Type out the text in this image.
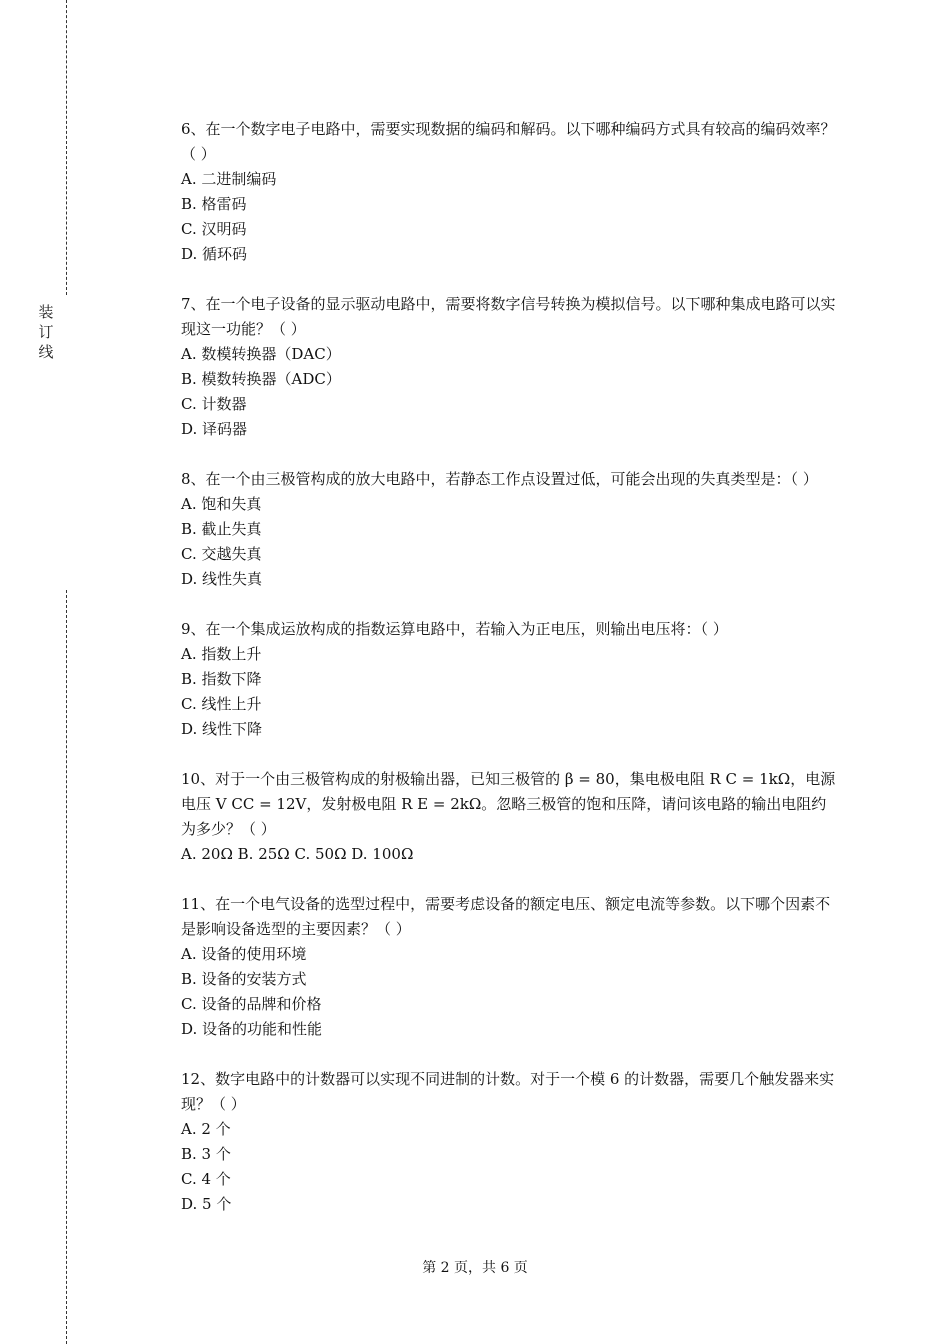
装
订
线

6、在一个数字电子电路中，需要实现数据的编码和解码。以下哪种编码方式具有较高的编码效率？（ ）

A. 二进制编码

B. 格雷码

C. 汉明码

D. 循环码

7、在一个电子设备的显示驱动电路中，需要将数字信号转换为模拟信号。以下哪种集成电路可以实现这一功能？（ ）

A. 数模转换器（DAC）

B. 模数转换器（ADC）

C. 计数器

D. 译码器

8、在一个由三极管构成的放大电路中，若静态工作点设置过低，可能会出现的失真类型是：（ ）

A. 饱和失真

B. 截止失真

C. 交越失真

D. 线性失真

9、在一个集成运放构成的指数运算电路中，若输入为正电压，则输出电压将：（ ）

A. 指数上升

B. 指数下降

C. 线性上升

D. 线性下降

10、对于一个由三极管构成的射极输出器，已知三极管的 β = 80，集电极电阻 R C = 1kΩ，电源电压 V CC = 12V，发射极电阻 R E = 2kΩ。忽略三极管的饱和压降，请问该电路的输出电阻约为多少？（ ）

A. 20Ω B. 25Ω C. 50Ω D. 100Ω

11、在一个电气设备的选型过程中，需要考虑设备的额定电压、额定电流等参数。以下哪个因素不是影响设备选型的主要因素？（ ）

A. 设备的使用环境

B. 设备的安装方式

C. 设备的品牌和价格

D. 设备的功能和性能

12、数字电路中的计数器可以实现不同进制的计数。对于一个模 6 的计数器，需要几个触发器来实现？（ ）

A. 2 个

B. 3 个

C. 4 个

D. 5 个

第 2 页，共 6 页
